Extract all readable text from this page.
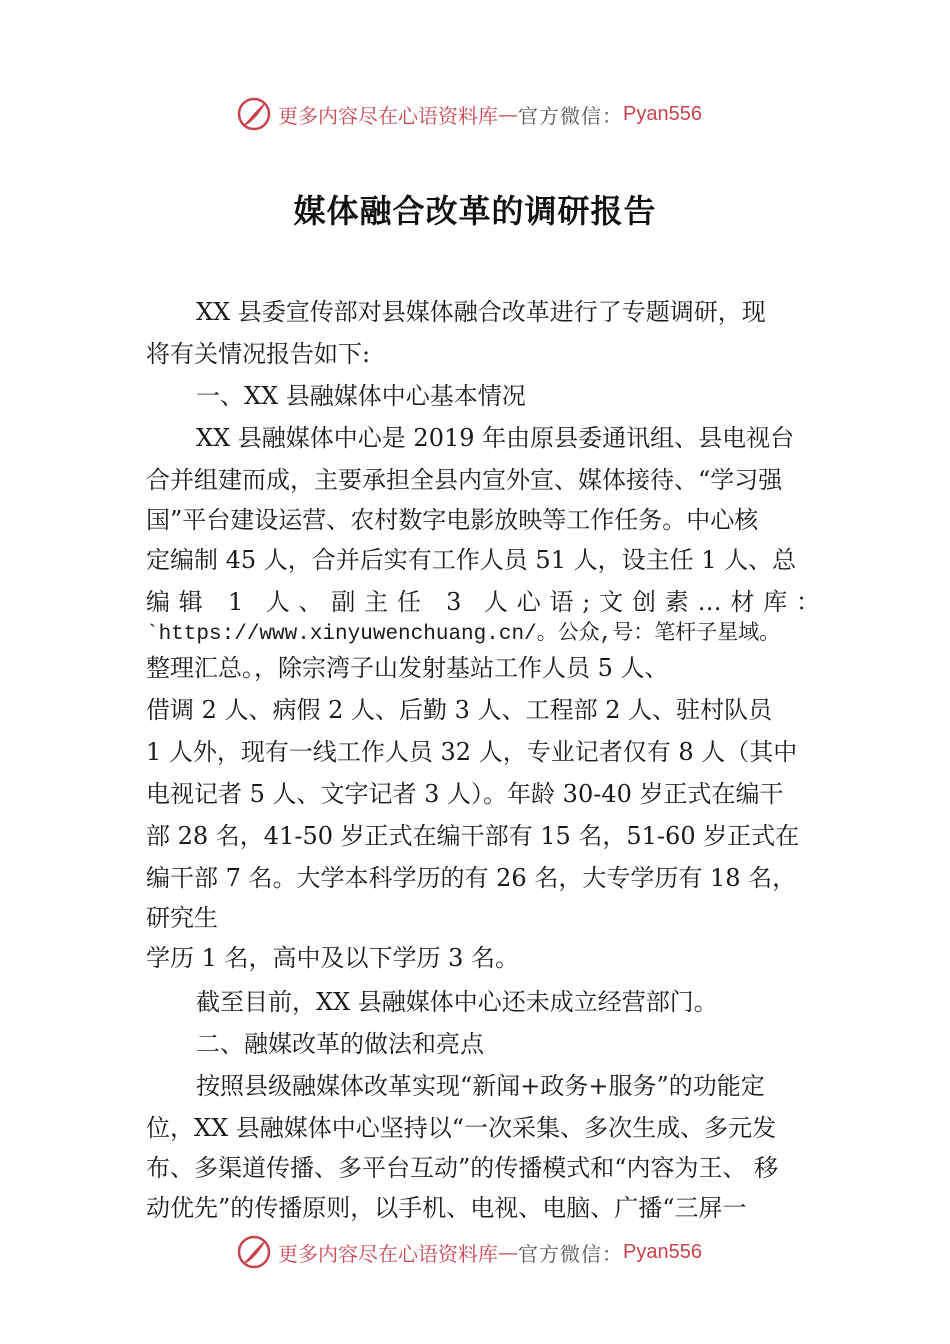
更多内容尽在心语资料库 — 官方微信： Pyan556
媒体融合改革的调研报告
XX 县委宣传部对县媒体融合改革进行了专题调研，现
将有关情况报告如下:
一、XX 县融媒体中心基本情况
XX 县融媒体中心是 2019 年由原县委通讯组、县电视台
合并组建而成，主要承担全县内宣外宣、媒体接待、“学习强
国”平台建设运营、农村数字电影放映等工作任务。中心核
定编制 45 人，合并后实有工作人员 51 人，设主任 1 人、总
编辑 1 人、副主任 3 人心语;文创素…材库：
`https://www.xinyuwenchuang.cn/。公众,号：笔杆子星域。
整理汇总。，除宗湾子山发射基站工作人员 5 人、
借调 2 人、病假 2 人、后勤 3 人、工程部 2 人、驻村队员
1 人外，现有一线工作人员 32 人，专业记者仅有 8 人（其中
电视记者 5 人、文字记者 3 人）。年龄 30-40 岁正式在编干
部 28 名，41-50 岁正式在编干部有 15 名，51-60 岁正式在
编干部 7 名。大学本科学历的有 26 名，大专学历有 18 名，
研究生
学历 1 名，高中及以下学历 3 名。
截至目前，XX 县融媒体中心还未成立经营部门。
二、融媒改革的做法和亮点
按照县级融媒体改革实现“新闻+政务+服务”的功能定
位，XX 县融媒体中心坚持以“一次采集、多次生成、多元发
布、多渠道传播、多平台互动”的传播模式和“内容为王、 移
动优先”的传播原则，以手机、电视、电脑、广播“三屏一
更多内容尽在心语资料库 — 官方微信： Pyan556
